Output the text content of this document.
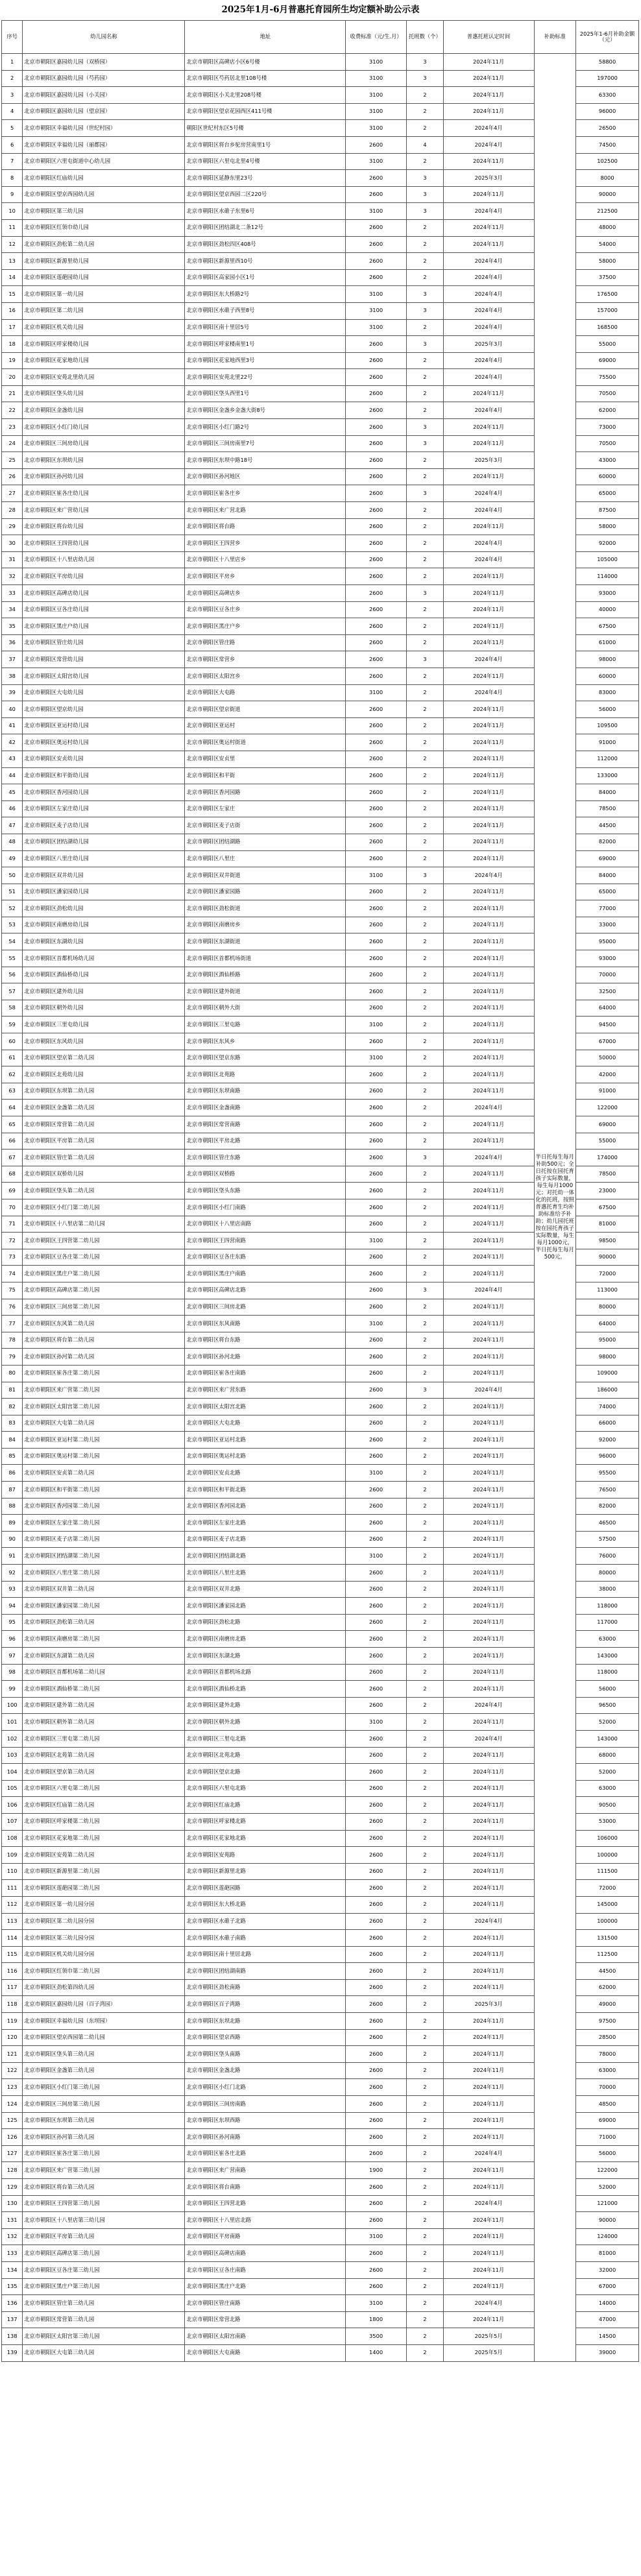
2025年1月-6月普惠托育园所生均定额补助公示表
序号	幼儿园名称	地址	收费标准（元/生.月）	托班数（个）	普惠托班认定时间	补助标准	2025年1-6月补助金额（元）
1	北京市朝阳区嘉园幼儿园（双桥园）	北京市朝阳区高碑店小区6号楼	3100	3	2024年11月	半日托每生每月补助500元；全日托按在园托育孩子实际数量，每生每月1000元；对托幼一体化的托班，按照普惠托育生均补助标准给予补助；幼儿园托班按在园托育孩子实际数量，每生每月1000元，半日托每生每月500元。	58800
2	北京市朝阳区嘉园幼儿园（芍药园）	北京市朝阳区芍药居北里108号楼	3100	3	2024年11月		197000
3	北京市朝阳区嘉园幼儿园（小关园）	北京市朝阳区小关北里208号楼	3100	2	2024年11月		63300
4	北京市朝阳区嘉园幼儿园（望京园）	北京市朝阳区望京花园西区411号楼	3100	2	2024年11月		96000
5	北京市朝阳区幸福幼儿园（世纪村园）	朝阳区世纪村东区5号楼	3100	2	2024年4月		26500
6	北京市朝阳区幸福幼儿园（丽都园）	北京市朝阳区将台乡驼房营南里1号	2600	4	2024年4月		74500
7	北京市朝阳区六里屯街道中心幼儿园	北京市朝阳区六里屯北里4号楼	3100	2	2024年11月		102500
8	北京市朝阳区红庙幼儿园	北京市朝阳区延静东里23号	2600	3	2025年3月		8000
9	北京市朝阳区望京西园幼儿园	北京市朝阳区望京西园二区220号	2600	3	2024年11月		90000
10	北京市朝阳区第三幼儿园	北京市朝阳区水碓子东里6号	3100	3	2024年4月		212500
11	北京市朝阳区红领巾幼儿园	北京市朝阳区团结湖北二条12号	2600	2	2024年11月		48000
12	北京市朝阳区劲松第二幼儿园	北京市朝阳区劲松四区408号	2600	2	2024年11月		54000
13	北京市朝阳区新源里幼儿园	北京市朝阳区新源里西10号	2600	2	2024年4月		58000
14	北京市朝阳区莲葩园幼儿园	北京市朝阳区高家园小区1号	2600	2	2024年4月		37500
15	北京市朝阳区第一幼儿园	北京市朝阳区东大桥路2号	3100	3	2024年4月		176500
16	北京市朝阳区第二幼儿园	北京市朝阳区水碓子西里8号	3100	3	2024年4月		157000
17	北京市朝阳区机关幼儿园	北京市朝阳区南十里居5号	3100	2	2024年4月		168500
18	北京市朝阳区呼家楼幼儿园	北京市朝阳区呼家楼南里1号	2600	3	2025年3月		55000
19	北京市朝阳区花家地幼儿园	北京市朝阳区花家地西里3号	2600	2	2024年4月		69000
20	北京市朝阳区安苑北里幼儿园	北京市朝阳区安苑北里22号	2600	2	2024年4月		75500
21	北京市朝阳区垡头幼儿园	北京市朝阳区垡头西里1号	2600	2	2024年11月		70500
22	北京市朝阳区金盏幼儿园	北京市朝阳区金盏乡金盏大街8号	2600	2	2024年4月		62000
23	北京市朝阳区小红门幼儿园	北京市朝阳区小红门路2号	2600	3	2024年11月		73000
24	北京市朝阳区三间房幼儿园	北京市朝阳区三间房南里7号	2600	3	2024年11月		70500
25	北京市朝阳区东坝幼儿园	北京市朝阳区东坝中路18号	2600	2	2025年3月		43000
26	北京市朝阳区孙河幼儿园	北京市朝阳区孙河地区	2600	2	2024年11月		60000
27	北京市朝阳区崔各庄幼儿园	北京市朝阳区崔各庄乡	2600	3	2024年4月		65000
28	北京市朝阳区来广营幼儿园	北京市朝阳区来广营北路	2600	2	2024年4月		87500
29	北京市朝阳区将台幼儿园	北京市朝阳区将台路	2600	2	2024年11月		58000
30	北京市朝阳区王四营幼儿园	北京市朝阳区王四营乡	2600	2	2024年4月		92000
31	北京市朝阳区十八里店幼儿园	北京市朝阳区十八里店乡	2600	2	2024年4月		105000
32	北京市朝阳区平房幼儿园	北京市朝阳区平房乡	2600	2	2024年11月		114000
33	北京市朝阳区高碑店幼儿园	北京市朝阳区高碑店乡	2600	3	2024年11月		93000
34	北京市朝阳区豆各庄幼儿园	北京市朝阳区豆各庄乡	2600	2	2024年11月		40000
35	北京市朝阳区黑庄户幼儿园	北京市朝阳区黑庄户乡	2600	2	2024年11月		67500
36	北京市朝阳区管庄幼儿园	北京市朝阳区管庄路	2600	2	2024年11月		61000
37	北京市朝阳区常营幼儿园	北京市朝阳区常营乡	2600	3	2024年4月		98000
38	北京市朝阳区太阳宫幼儿园	北京市朝阳区太阳宫乡	2600	2	2024年11月		60000
39	北京市朝阳区大屯幼儿园	北京市朝阳区大屯路	3100	2	2024年4月		83000
40	北京市朝阳区望京幼儿园	北京市朝阳区望京街道	2600	2	2024年11月		56000
41	北京市朝阳区亚运村幼儿园	北京市朝阳区亚运村	2600	2	2024年11月		109500
42	北京市朝阳区奥运村幼儿园	北京市朝阳区奥运村街道	2600	2	2024年11月		91000
43	北京市朝阳区安贞幼儿园	北京市朝阳区安贞里	2600	2	2024年11月		112000
44	北京市朝阳区和平街幼儿园	北京市朝阳区和平街	2600	2	2024年11月		133000
45	北京市朝阳区香河园幼儿园	北京市朝阳区香河园路	2600	2	2024年11月		84000
46	北京市朝阳区左家庄幼儿园	北京市朝阳区左家庄	2600	2	2024年11月		78500
47	北京市朝阳区麦子店幼儿园	北京市朝阳区麦子店街	2600	2	2024年11月		44500
48	北京市朝阳区团结湖幼儿园	北京市朝阳区团结湖路	2600	2	2024年11月		82000
49	北京市朝阳区八里庄幼儿园	北京市朝阳区八里庄	2600	2	2024年11月		69000
50	北京市朝阳区双井幼儿园	北京市朝阳区双井街道	3100	3	2024年4月		84000
51	北京市朝阳区潘家园幼儿园	北京市朝阳区潘家园路	2600	2	2024年11月		65000
52	北京市朝阳区劲松幼儿园	北京市朝阳区劲松街道	2600	2	2024年11月		77000
53	北京市朝阳区南磨房幼儿园	北京市朝阳区南磨房乡	2600	2	2024年11月		33000
54	北京市朝阳区东湖幼儿园	北京市朝阳区东湖街道	2600	2	2024年11月		95000
55	北京市朝阳区首都机场幼儿园	北京市朝阳区首都机场街道	2600	2	2024年11月		93000
56	北京市朝阳区酒仙桥幼儿园	北京市朝阳区酒仙桥路	2600	2	2024年11月		70000
57	北京市朝阳区建外幼儿园	北京市朝阳区建外街道	2600	2	2024年11月		32500
58	北京市朝阳区朝外幼儿园	北京市朝阳区朝外大街	2600	2	2024年11月		64000
59	北京市朝阳区三里屯幼儿园	北京市朝阳区三里屯路	3100	2	2024年11月		94500
60	北京市朝阳区东风幼儿园	北京市朝阳区东风乡	2600	2	2024年11月		67000
61	北京市朝阳区望京第二幼儿园	北京市朝阳区望京东路	3100	2	2024年11月		50000
62	北京市朝阳区北苑幼儿园	北京市朝阳区北苑路	2600	2	2024年11月		42000
63	北京市朝阳区东坝第二幼儿园	北京市朝阳区东坝南路	2600	2	2024年11月		91000
64	北京市朝阳区金盏第二幼儿园	北京市朝阳区金盏南路	2600	2	2024年4月		122000
65	北京市朝阳区常营第二幼儿园	北京市朝阳区常营南路	2600	2	2024年11月		69000
66	北京市朝阳区平房第二幼儿园	北京市朝阳区平房北路	2600	2	2024年11月		55000
67	北京市朝阳区管庄第二幼儿园	北京市朝阳区管庄东路	2600	3	2024年4月		174000
68	北京市朝阳区双桥幼儿园	北京市朝阳区双桥路	2600	2	2024年11月		78500
69	北京市朝阳区垡头第二幼儿园	北京市朝阳区垡头东路	2600	2	2024年11月		23000
70	北京市朝阳区小红门第二幼儿园	北京市朝阳区小红门南路	2600	2	2024年11月		67500
71	北京市朝阳区十八里店第二幼儿园	北京市朝阳区十八里店南路	2600	2	2024年11月		81000
72	北京市朝阳区王四营第二幼儿园	北京市朝阳区王四营南路	3100	2	2024年11月		98500
73	北京市朝阳区豆各庄第二幼儿园	北京市朝阳区豆各庄东路	2600	2	2024年11月		90000
74	北京市朝阳区黑庄户第二幼儿园	北京市朝阳区黑庄户南路	2600	2	2024年11月		72000
75	北京市朝阳区高碑店第二幼儿园	北京市朝阳区高碑店北路	2600	3	2024年4月		113000
76	北京市朝阳区三间房第二幼儿园	北京市朝阳区三间房北路	2600	2	2024年11月		80000
77	北京市朝阳区东风第二幼儿园	北京市朝阳区东风南路	3100	2	2024年11月		64000
78	北京市朝阳区将台第二幼儿园	北京市朝阳区将台东路	2600	2	2024年11月		95000
79	北京市朝阳区孙河第二幼儿园	北京市朝阳区孙河北路	2600	2	2024年11月		98000
80	北京市朝阳区崔各庄第二幼儿园	北京市朝阳区崔各庄南路	2600	2	2024年11月		109000
81	北京市朝阳区来广营第二幼儿园	北京市朝阳区来广营东路	2600	3	2024年4月		186000
82	北京市朝阳区太阳宫第二幼儿园	北京市朝阳区太阳宫北路	2600	2	2024年11月		74000
83	北京市朝阳区大屯第二幼儿园	北京市朝阳区大屯北路	2600	2	2024年11月		66000
84	北京市朝阳区亚运村第二幼儿园	北京市朝阳区亚运村北路	2600	2	2024年11月		92000
85	北京市朝阳区奥运村第二幼儿园	北京市朝阳区奥运村北路	2600	2	2024年11月		96000
86	北京市朝阳区安贞第二幼儿园	北京市朝阳区安贞北路	3100	2	2024年11月		95500
87	北京市朝阳区和平街第二幼儿园	北京市朝阳区和平街北路	2600	2	2024年11月		76500
88	北京市朝阳区香河园第二幼儿园	北京市朝阳区香河园北路	2600	2	2024年11月		82000
89	北京市朝阳区左家庄第二幼儿园	北京市朝阳区左家庄北路	2600	2	2024年11月		46500
90	北京市朝阳区麦子店第二幼儿园	北京市朝阳区麦子店北路	2600	2	2024年11月		57500
91	北京市朝阳区团结湖第二幼儿园	北京市朝阳区团结湖北路	3100	2	2024年11月		76000
92	北京市朝阳区八里庄第二幼儿园	北京市朝阳区八里庄北路	2600	2	2024年11月		80000
93	北京市朝阳区双井第二幼儿园	北京市朝阳区双井北路	2600	2	2024年11月		38000
94	北京市朝阳区潘家园第二幼儿园	北京市朝阳区潘家园北路	2600	2	2024年11月		118000
95	北京市朝阳区劲松第三幼儿园	北京市朝阳区劲松北路	2600	2	2024年11月		117000
96	北京市朝阳区南磨房第二幼儿园	北京市朝阳区南磨房北路	2600	2	2024年11月		63000
97	北京市朝阳区东湖第二幼儿园	北京市朝阳区东湖北路	2600	2	2024年11月		143000
98	北京市朝阳区首都机场第二幼儿园	北京市朝阳区首都机场北路	2600	2	2024年11月		118000
99	北京市朝阳区酒仙桥第二幼儿园	北京市朝阳区酒仙桥北路	2600	2	2024年11月		56000
100	北京市朝阳区建外第二幼儿园	北京市朝阳区建外北路	2600	2	2024年4月		96500
101	北京市朝阳区朝外第二幼儿园	北京市朝阳区朝外北路	3100	2	2024年11月		52000
102	北京市朝阳区三里屯第二幼儿园	北京市朝阳区三里屯北路	2600	2	2024年4月		143000
103	北京市朝阳区北苑第二幼儿园	北京市朝阳区北苑北路	2600	2	2024年11月		68000
104	北京市朝阳区望京第三幼儿园	北京市朝阳区望京北路	2600	2	2024年11月		52000
105	北京市朝阳区六里屯第二幼儿园	北京市朝阳区六里屯北路	2600	2	2024年11月		63000
106	北京市朝阳区红庙第二幼儿园	北京市朝阳区红庙北路	2600	2	2024年11月		90500
107	北京市朝阳区呼家楼第二幼儿园	北京市朝阳区呼家楼北路	2600	2	2024年11月		53000
108	北京市朝阳区花家地第二幼儿园	北京市朝阳区花家地北路	2600	2	2024年11月		106000
109	北京市朝阳区安苑第二幼儿园	北京市朝阳区安苑路	2600	2	2024年11月		100000
110	北京市朝阳区新源里第二幼儿园	北京市朝阳区新源里北路	2600	2	2024年11月		111500
111	北京市朝阳区莲葩园第二幼儿园	北京市朝阳区莲葩园路	2600	2	2024年11月		72000
112	北京市朝阳区第一幼儿园分园	北京市朝阳区东大桥北路	2600	2	2024年11月		145000
113	北京市朝阳区第二幼儿园分园	北京市朝阳区水碓子北路	2600	2	2024年4月		100000
114	北京市朝阳区第三幼儿园分园	北京市朝阳区水碓子南路	2600	2	2024年11月		131500
115	北京市朝阳区机关幼儿园分园	北京市朝阳区南十里居北路	2600	2	2024年11月		112500
116	北京市朝阳区红领巾第二幼儿园	北京市朝阳区团结湖南路	2600	2	2024年11月		44500
117	北京市朝阳区劲松第四幼儿园	北京市朝阳区劲松南路	2600	2	2024年11月		62000
118	北京市朝阳区嘉园幼儿园（百子湾园）	北京市朝阳区百子湾路	2600	2	2025年3月		49000
119	北京市朝阳区幸福幼儿园（东坝园）	北京市朝阳区东坝北路	2600	2	2024年11月		97500
120	北京市朝阳区望京西园第二幼儿园	北京市朝阳区望京西路	2600	2	2024年11月		28500
121	北京市朝阳区垡头第三幼儿园	北京市朝阳区垡头南路	2600	2	2024年11月		78000
122	北京市朝阳区金盏第三幼儿园	北京市朝阳区金盏北路	2600	2	2024年11月		63000
123	北京市朝阳区小红门第三幼儿园	北京市朝阳区小红门北路	2600	2	2024年11月		70000
124	北京市朝阳区三间房第三幼儿园	北京市朝阳区三间房南路	2600	2	2024年11月		48500
125	北京市朝阳区东坝第三幼儿园	北京市朝阳区东坝西路	2600	2	2024年11月		69000
126	北京市朝阳区孙河第三幼儿园	北京市朝阳区孙河南路	2600	2	2024年11月		71000
127	北京市朝阳区崔各庄第三幼儿园	北京市朝阳区崔各庄北路	2600	2	2024年4月		56000
128	北京市朝阳区来广营第三幼儿园	北京市朝阳区来广营南路	1900	2	2024年11月		122000
129	北京市朝阳区将台第三幼儿园	北京市朝阳区将台南路	2600	2	2024年11月		52000
130	北京市朝阳区王四营第三幼儿园	北京市朝阳区王四营北路	2600	2	2024年4月		121000
131	北京市朝阳区十八里店第三幼儿园	北京市朝阳区十八里店北路	2600	2	2024年11月		90000
132	北京市朝阳区平房第三幼儿园	北京市朝阳区平房南路	3100	2	2024年11月		124000
133	北京市朝阳区高碑店第三幼儿园	北京市朝阳区高碑店南路	2600	2	2024年11月		81000
134	北京市朝阳区豆各庄第三幼儿园	北京市朝阳区豆各庄南路	2600	2	2024年11月		32000
135	北京市朝阳区黑庄户第三幼儿园	北京市朝阳区黑庄户北路	2600	2	2024年11月		67000
136	北京市朝阳区管庄第三幼儿园	北京市朝阳区管庄南路	3100	2	2024年4月		14000
137	北京市朝阳区常营第三幼儿园	北京市朝阳区常营北路	1800	2	2024年11月		47000
138	北京市朝阳区太阳宫第三幼儿园	北京市朝阳区太阳宫南路	3500	2	2025年5月		14500
139	北京市朝阳区大屯第三幼儿园	北京市朝阳区大屯南路	1400	2	2025年5月		39000
